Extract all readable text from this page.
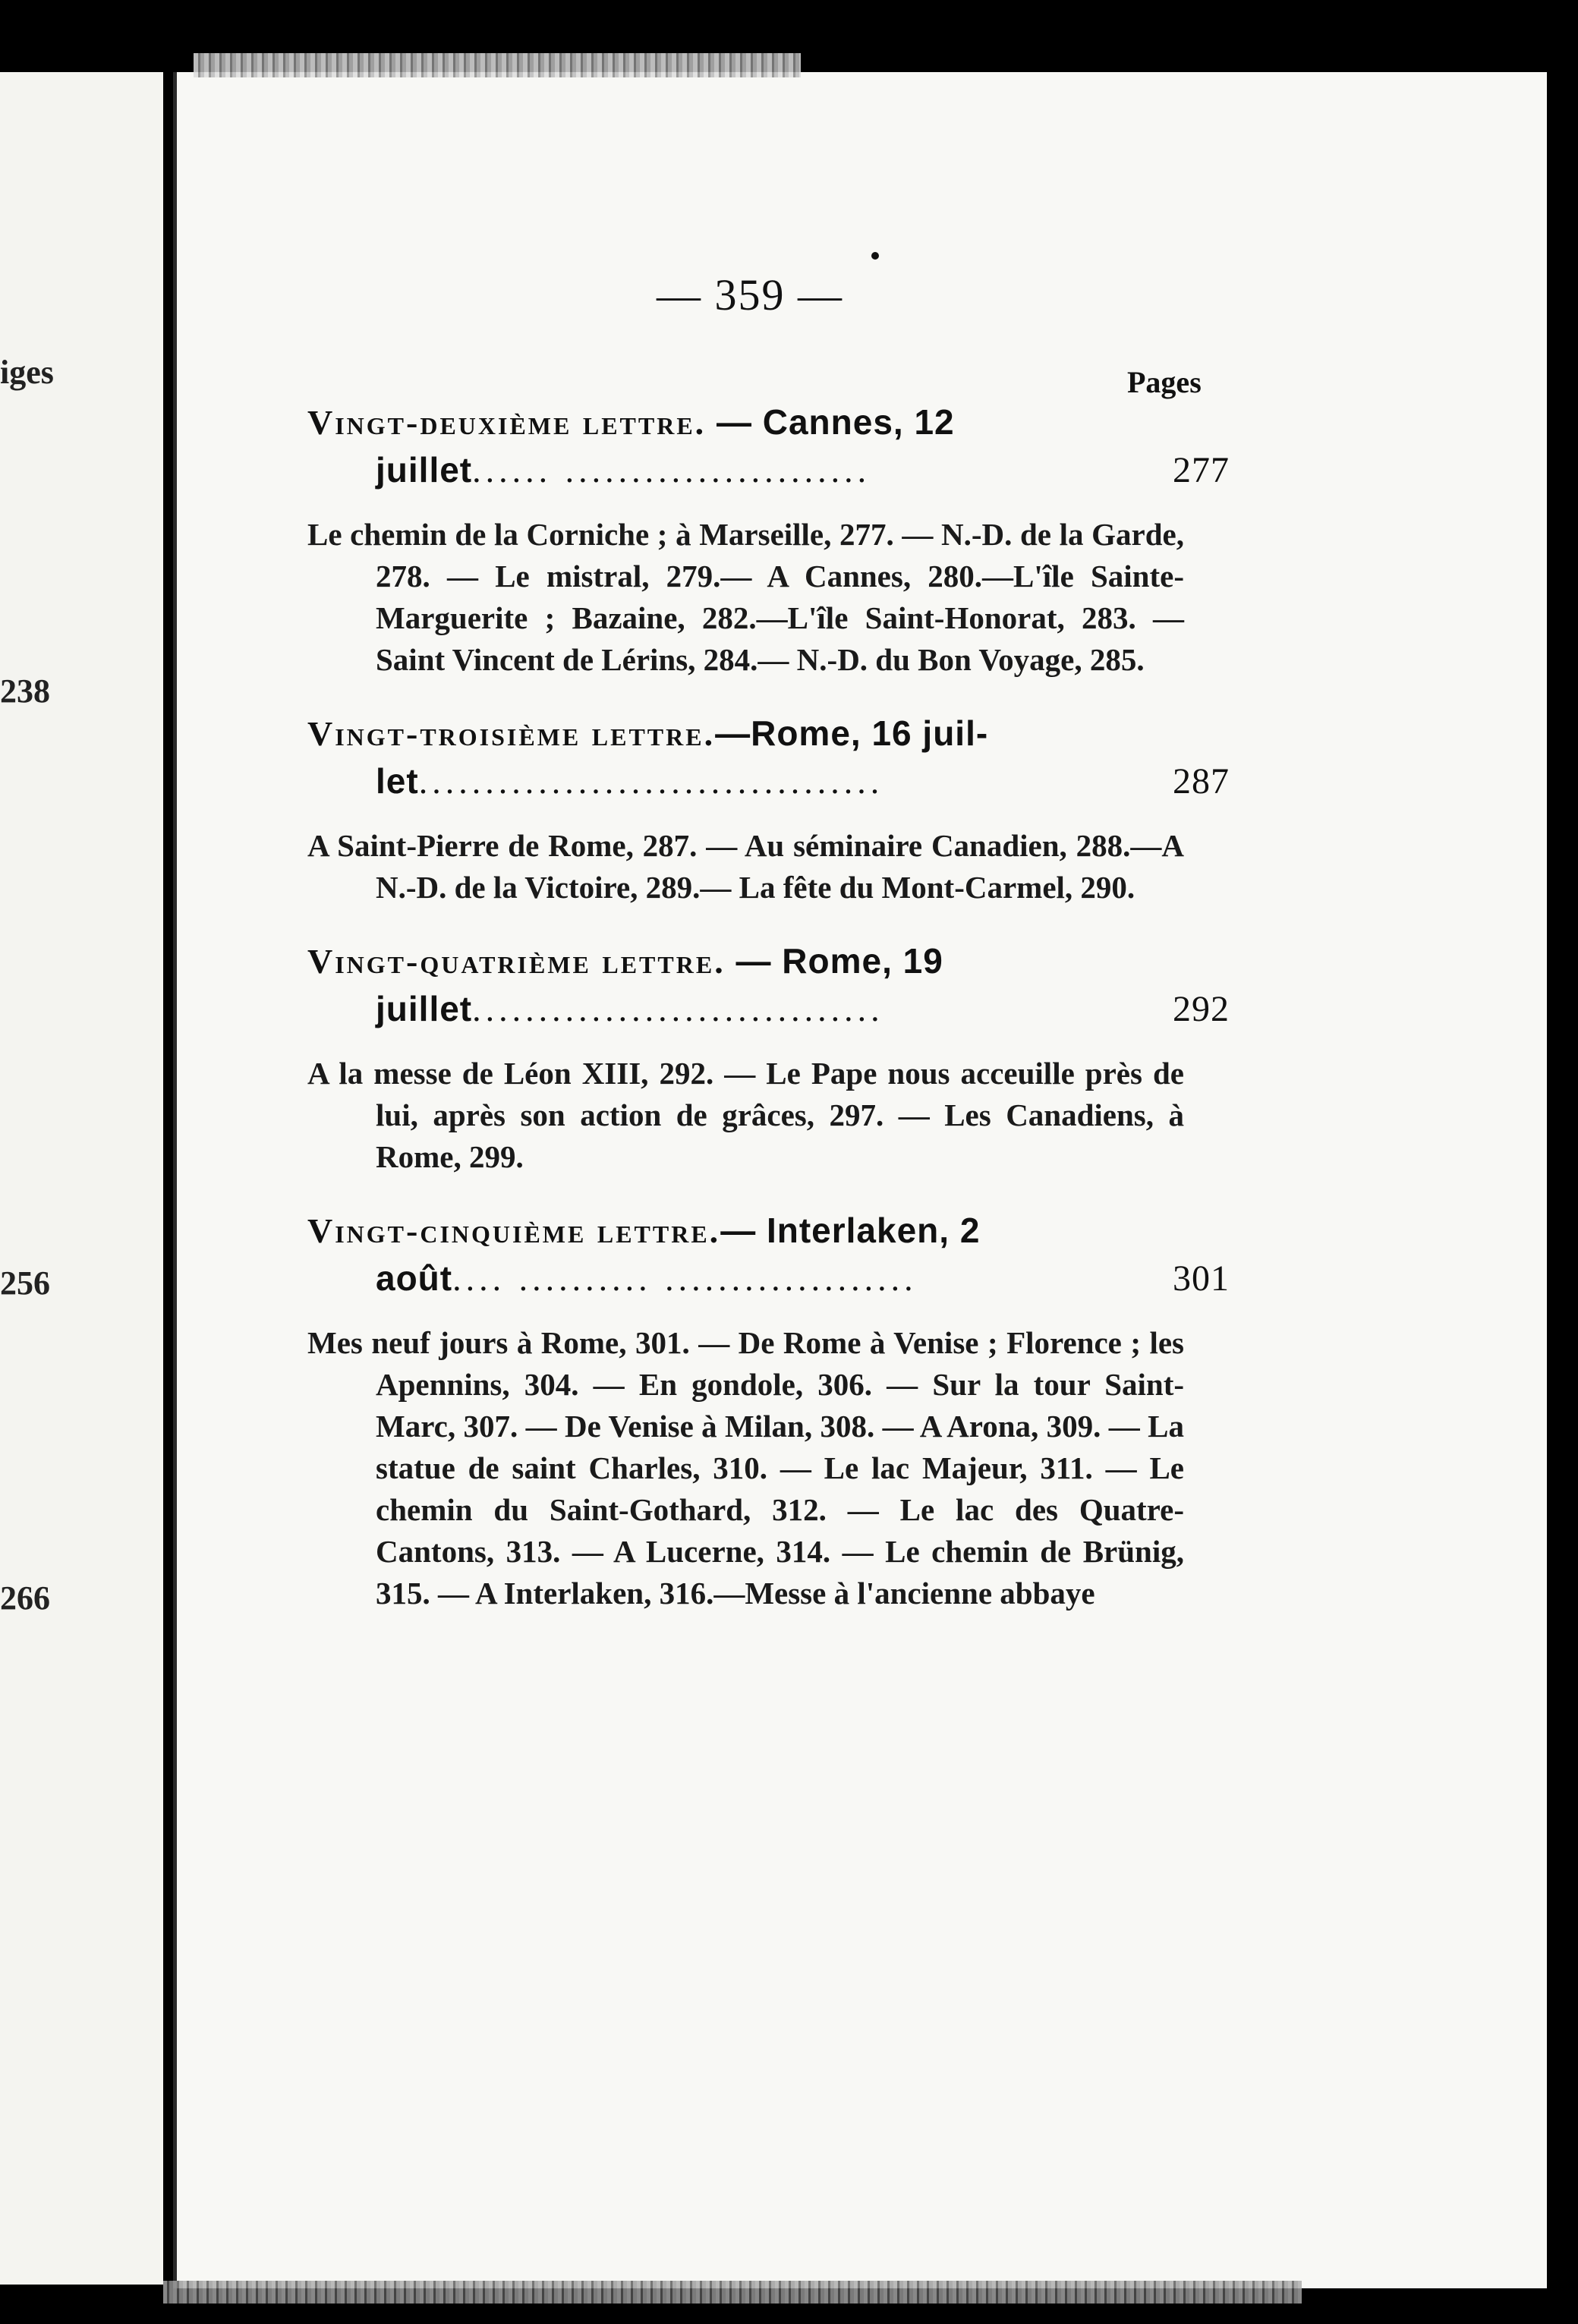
iges
238
256
266
— 359 —
Pages
Vingt-deuxième lettre. — Cannes, 12
juillet...... .......................	277
Le chemin de la Corniche ; à Marseille, 277. — N.-D. de la Garde, 278. — Le mistral, 279.— A Cannes, 280.—L'île Sainte-Marguerite ; Bazaine, 282.—L'île Saint-Honorat, 283. — Saint Vincent de Lérins, 284.— N.-D. du Bon Voyage, 285.
Vingt-troisième lettre.—Rome, 16 juil-
let...................................	287
A Saint-Pierre de Rome, 287. — Au séminaire Canadien, 288.—A N.-D. de la Victoire, 289.— La fête du Mont-Carmel, 290.
Vingt-quatrième lettre. — Rome, 19
juillet...............................	292
A la messe de Léon XIII, 292. — Le Pape nous acceuille près de lui, après son action de grâces, 297. — Les Canadiens, à Rome, 299.
Vingt-cinquième lettre.— Interlaken, 2
août.... .......... ...................	301
Mes neuf jours à Rome, 301. — De Rome à Venise ; Florence ; les Apennins, 304. — En gondole, 306. — Sur la tour Saint-Marc, 307. — De Venise à Milan, 308. — A Arona, 309. — La statue de saint Charles, 310. — Le lac Majeur, 311. — Le chemin du Saint-Gothard, 312. — Le lac des Quatre-Cantons, 313. — A Lucerne, 314. — Le chemin de Brünig, 315. — A Interlaken, 316.—Messe à l'ancienne abbaye
